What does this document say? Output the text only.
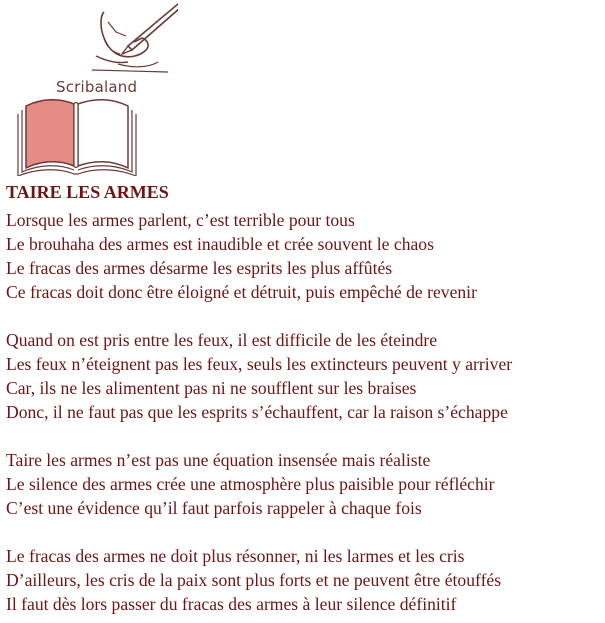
Scribaland
TAIRE LES ARMES
Lorsque les armes parlent, c’est terrible pour tous
Le brouhaha des armes est inaudible et crée souvent le chaos
Le fracas des armes désarme les esprits les plus affûtés
Ce fracas doit donc être éloigné et détruit, puis empêché de revenir
Quand on est pris entre les feux, il est difficile de les éteindre
Les feux n’éteignent pas les feux, seuls les extincteurs peuvent y arriver
Car, ils ne les alimentent pas ni ne soufflent sur les braises
Donc, il ne faut pas que les esprits s’échauffent, car la raison s’échappe
Taire les armes n’est pas une équation insensée mais réaliste
Le silence des armes crée une atmosphère plus paisible pour réfléchir
C’est une évidence qu’il faut parfois rappeler à chaque fois
Le fracas des armes ne doit plus résonner, ni les larmes et les cris
D’ailleurs, les cris de la paix sont plus forts et ne peuvent être étouffés
Il faut dès lors passer du fracas des armes à leur silence définitif
